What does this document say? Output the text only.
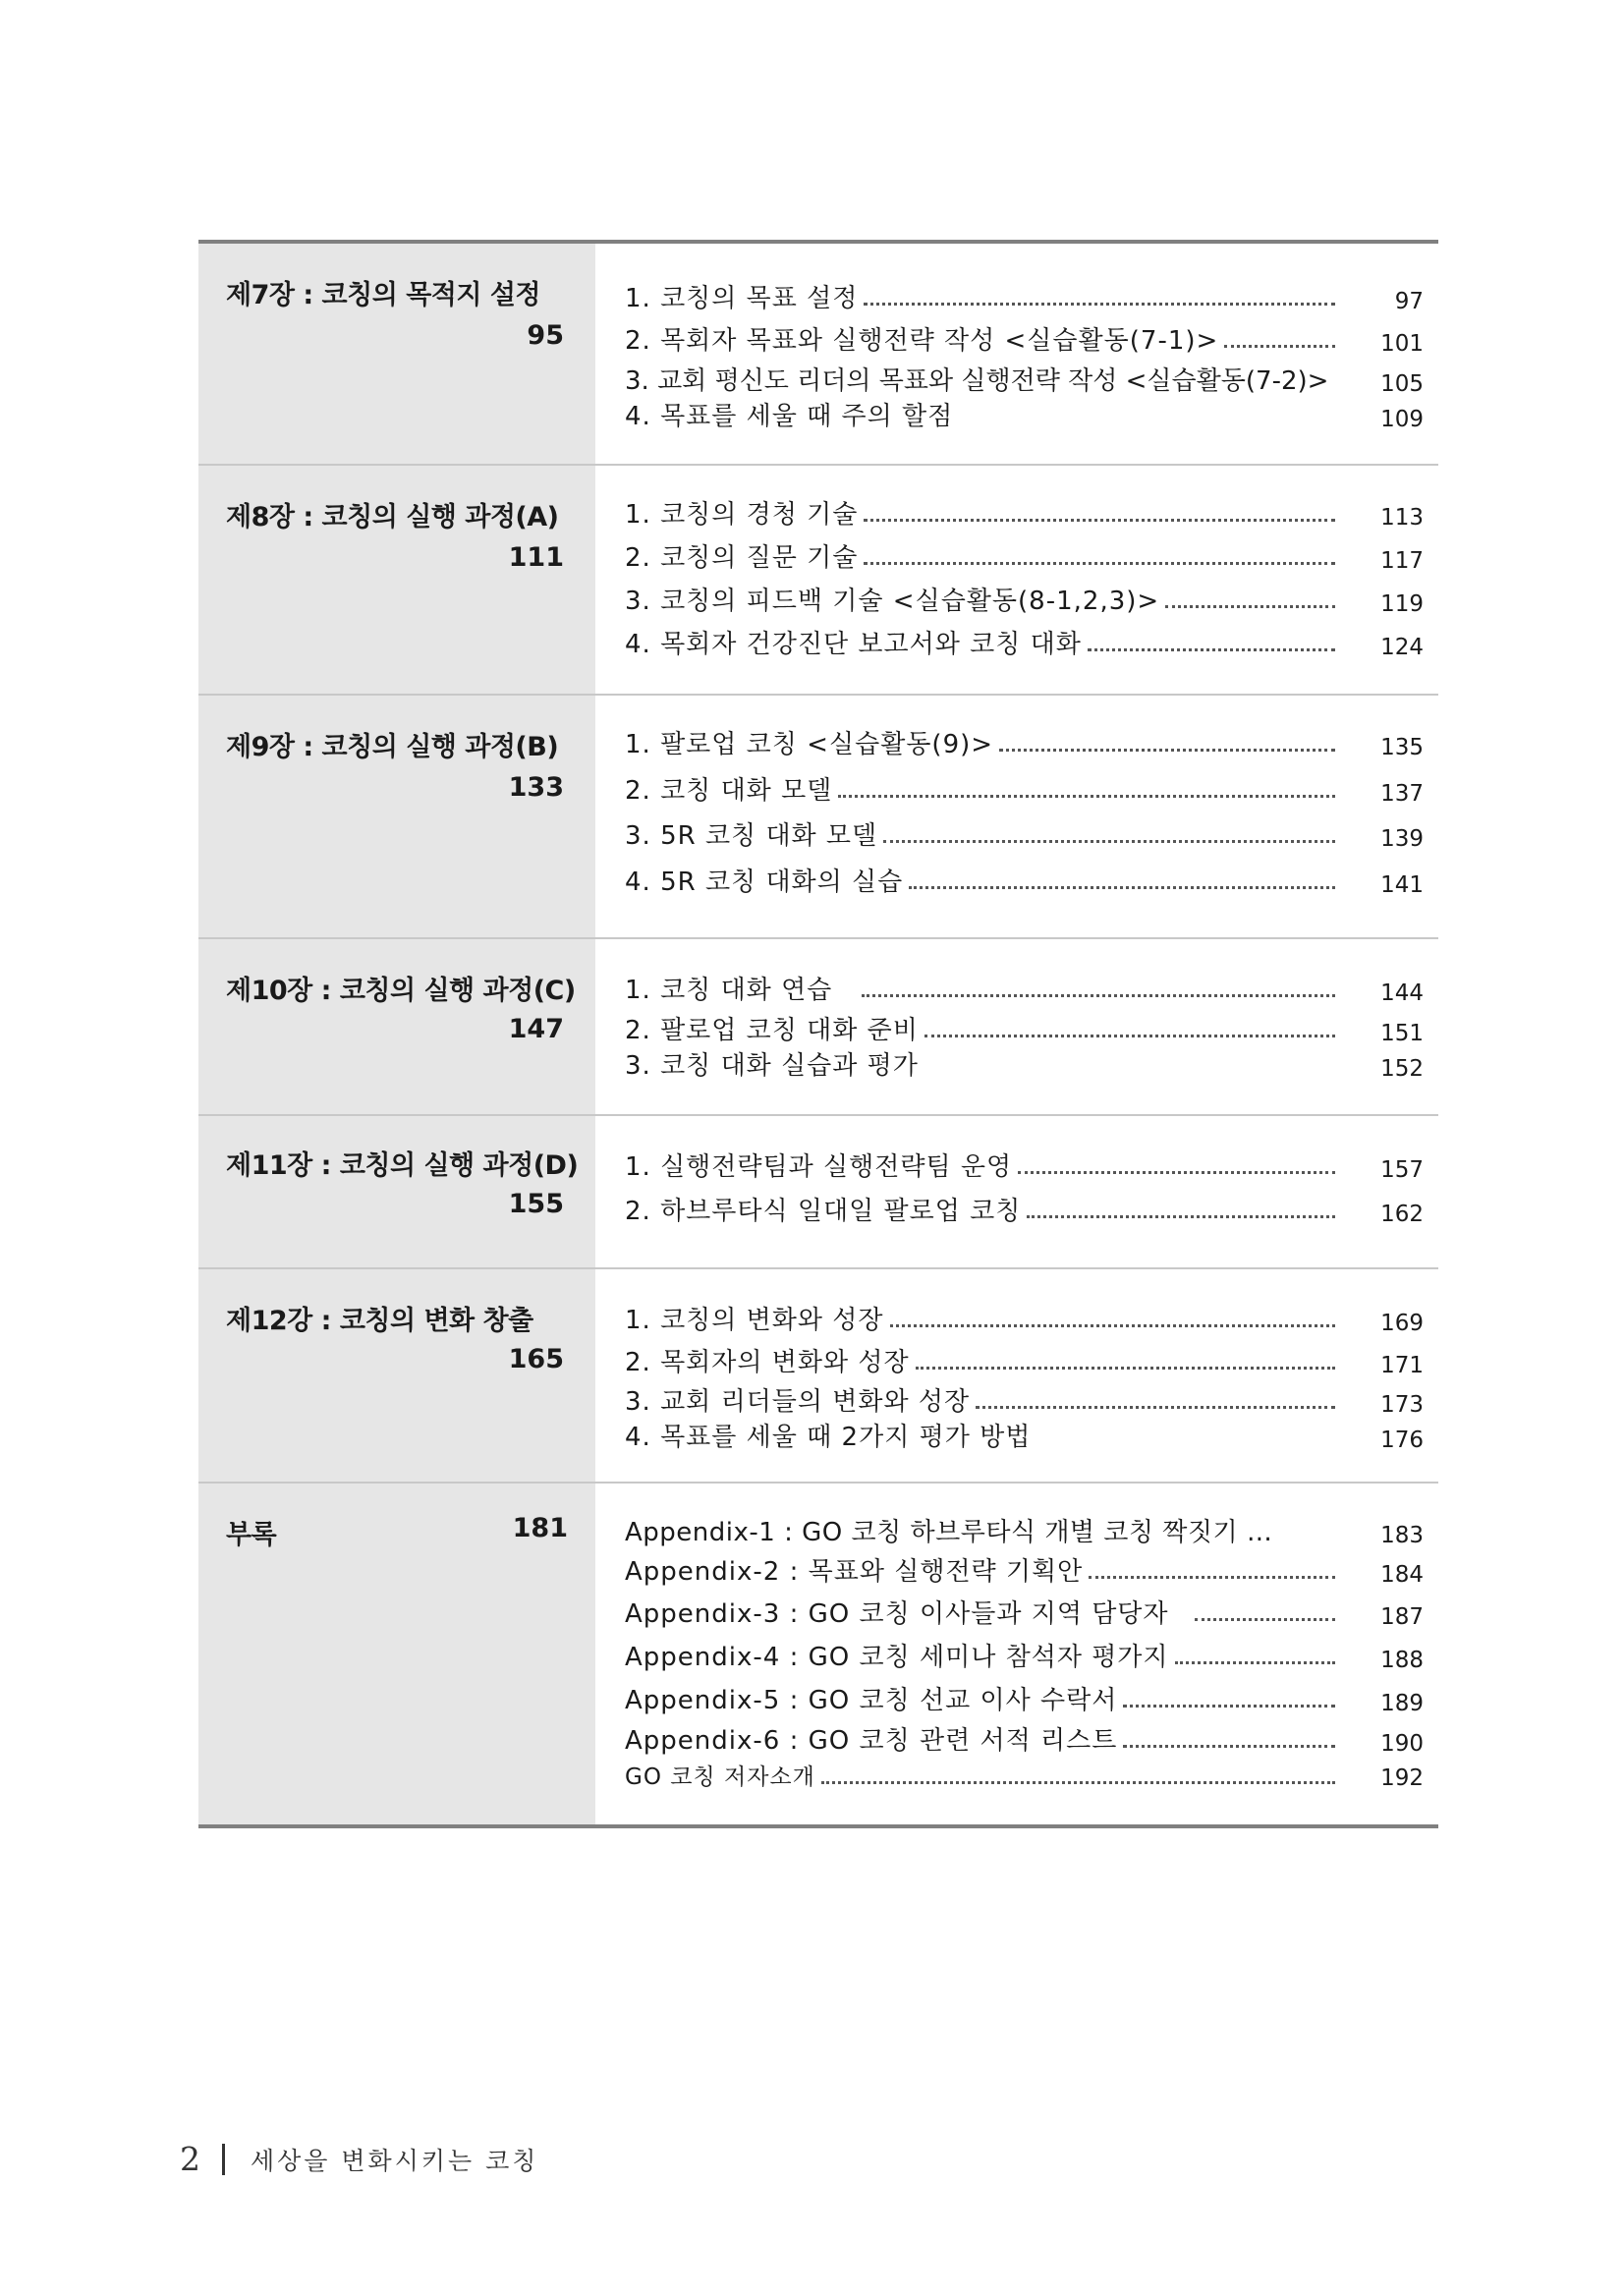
제7장 : 코칭의 목적지 설정
95
1. 코칭의 목표 설정	97
2. 목회자 목표와 실행전략 작성 <실습활동(7-1)>	101
3. 교회 평신도 리더의 목표와 실행전략 작성 <실습활동(7-2)> 105
4. 목표를 세울 때 주의 할점	109
제8장 : 코칭의 실행 과정(A)
111
1. 코칭의 경청 기술	113
2. 코칭의 질문 기술	117
3. 코칭의 피드백 기술 <실습활동(8-1,2,3)>	119
4. 목회자 건강진단 보고서와 코칭 대화	124
제9장 : 코칭의 실행 과정(B)
133
1. 팔로업 코칭 <실습활동(9)>	135
2. 코칭 대화 모델	137
3. 5R 코칭 대화 모델	139
4. 5R 코칭 대화의 실습	141
제10장 : 코칭의 실행 과정(C)
147
1. 코칭 대화 연습	144
2. 팔로업 코칭 대화 준비	151
3. 코칭 대화 실습과 평가	152
제11장 : 코칭의 실행 과정(D)
155
1. 실행전략팀과 실행전략팀 운영	157
2. 하브루타식 일대일 팔로업 코칭	162
제12강 : 코칭의 변화 창출
165
1. 코칭의 변화와 성장	169
2. 목회자의 변화와 성장	171
3. 교회 리더들의 변화와 성장	173
4. 목표를 세울 때 2가지 평가 방법	176
부록	181 Appendix-1 : GO 코칭 하브루타식 개별 코칭 짝짓기 …	183
Appendix-2 : 목표와 실행전략 기획안	184
Appendix-3 : GO 코칭 이사들과 지역 담당자	187
Appendix-4 : GO 코칭 세미나 참석자 평가지	188
Appendix-5 : GO 코칭 선교 이사 수락서	189
Appendix-6 : GO 코칭 관련 서적 리스트	190
GO 코칭 저자소개	192
2 세상을 변화시키는 코칭
